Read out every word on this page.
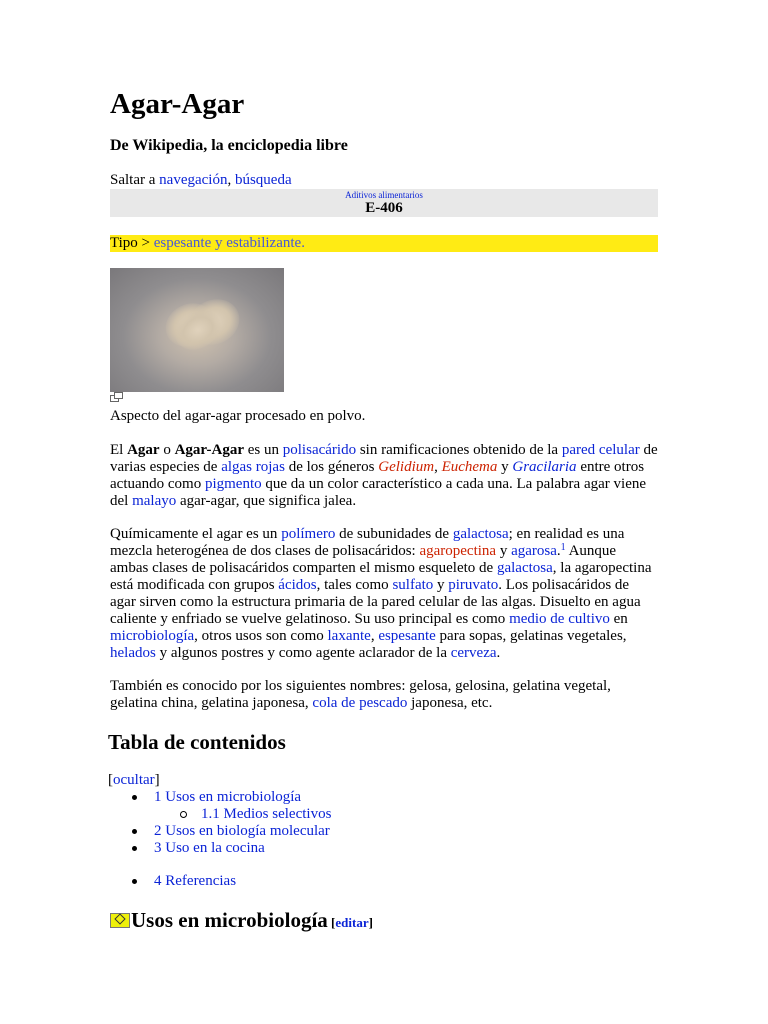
Agar-Agar
De Wikipedia, la enciclopedia libre
Saltar a navegación, búsqueda
Aditivos alimentarios
E-406
Tipo > espesante y estabilizante.
Aspecto del agar-agar procesado en polvo.

El Agar o Agar-Agar es un polisacárido sin ramificaciones obtenido de la pared celular de varias especies de algas rojas de los géneros Gelidium, Euchema y Gracilaria entre otros actuando como pigmento que da un color característico a cada una. La palabra agar viene del malayo agar-agar, que significa jalea.

Químicamente el agar es un polímero de subunidades de galactosa; en realidad es una mezcla heterogénea de dos clases de polisacáridos: agaropectina y agarosa.$^1$ Aunque ambas clases de polisacáridos comparten el mismo esqueleto de galactosa, la agaropectina está modificada con grupos ácidos, tales como sulfato y piruvato. Los polisacáridos de agar sirven como la estructura primaria de la pared celular de las algas. Disuelto en agua caliente y enfriado se vuelve gelatinoso. Su uso principal es como medio de cultivo en microbiología, otros usos son como laxante, espesante para sopas, gelatinas vegetales, helados y algunos postres y como agente aclarador de la cerveza.

También es conocido por los siguientes nombres: gelosa, gelosina, gelatina vegetal, gelatina china, gelatina japonesa, cola de pescado japonesa, etc.

Tabla de contenidos
[ocultar]
1 Usos en microbiología
1.1 Medios selectivos
2 Usos en biología molecular
3 Uso en la cocina
4 Referencias
Usos en microbiología [editar]
